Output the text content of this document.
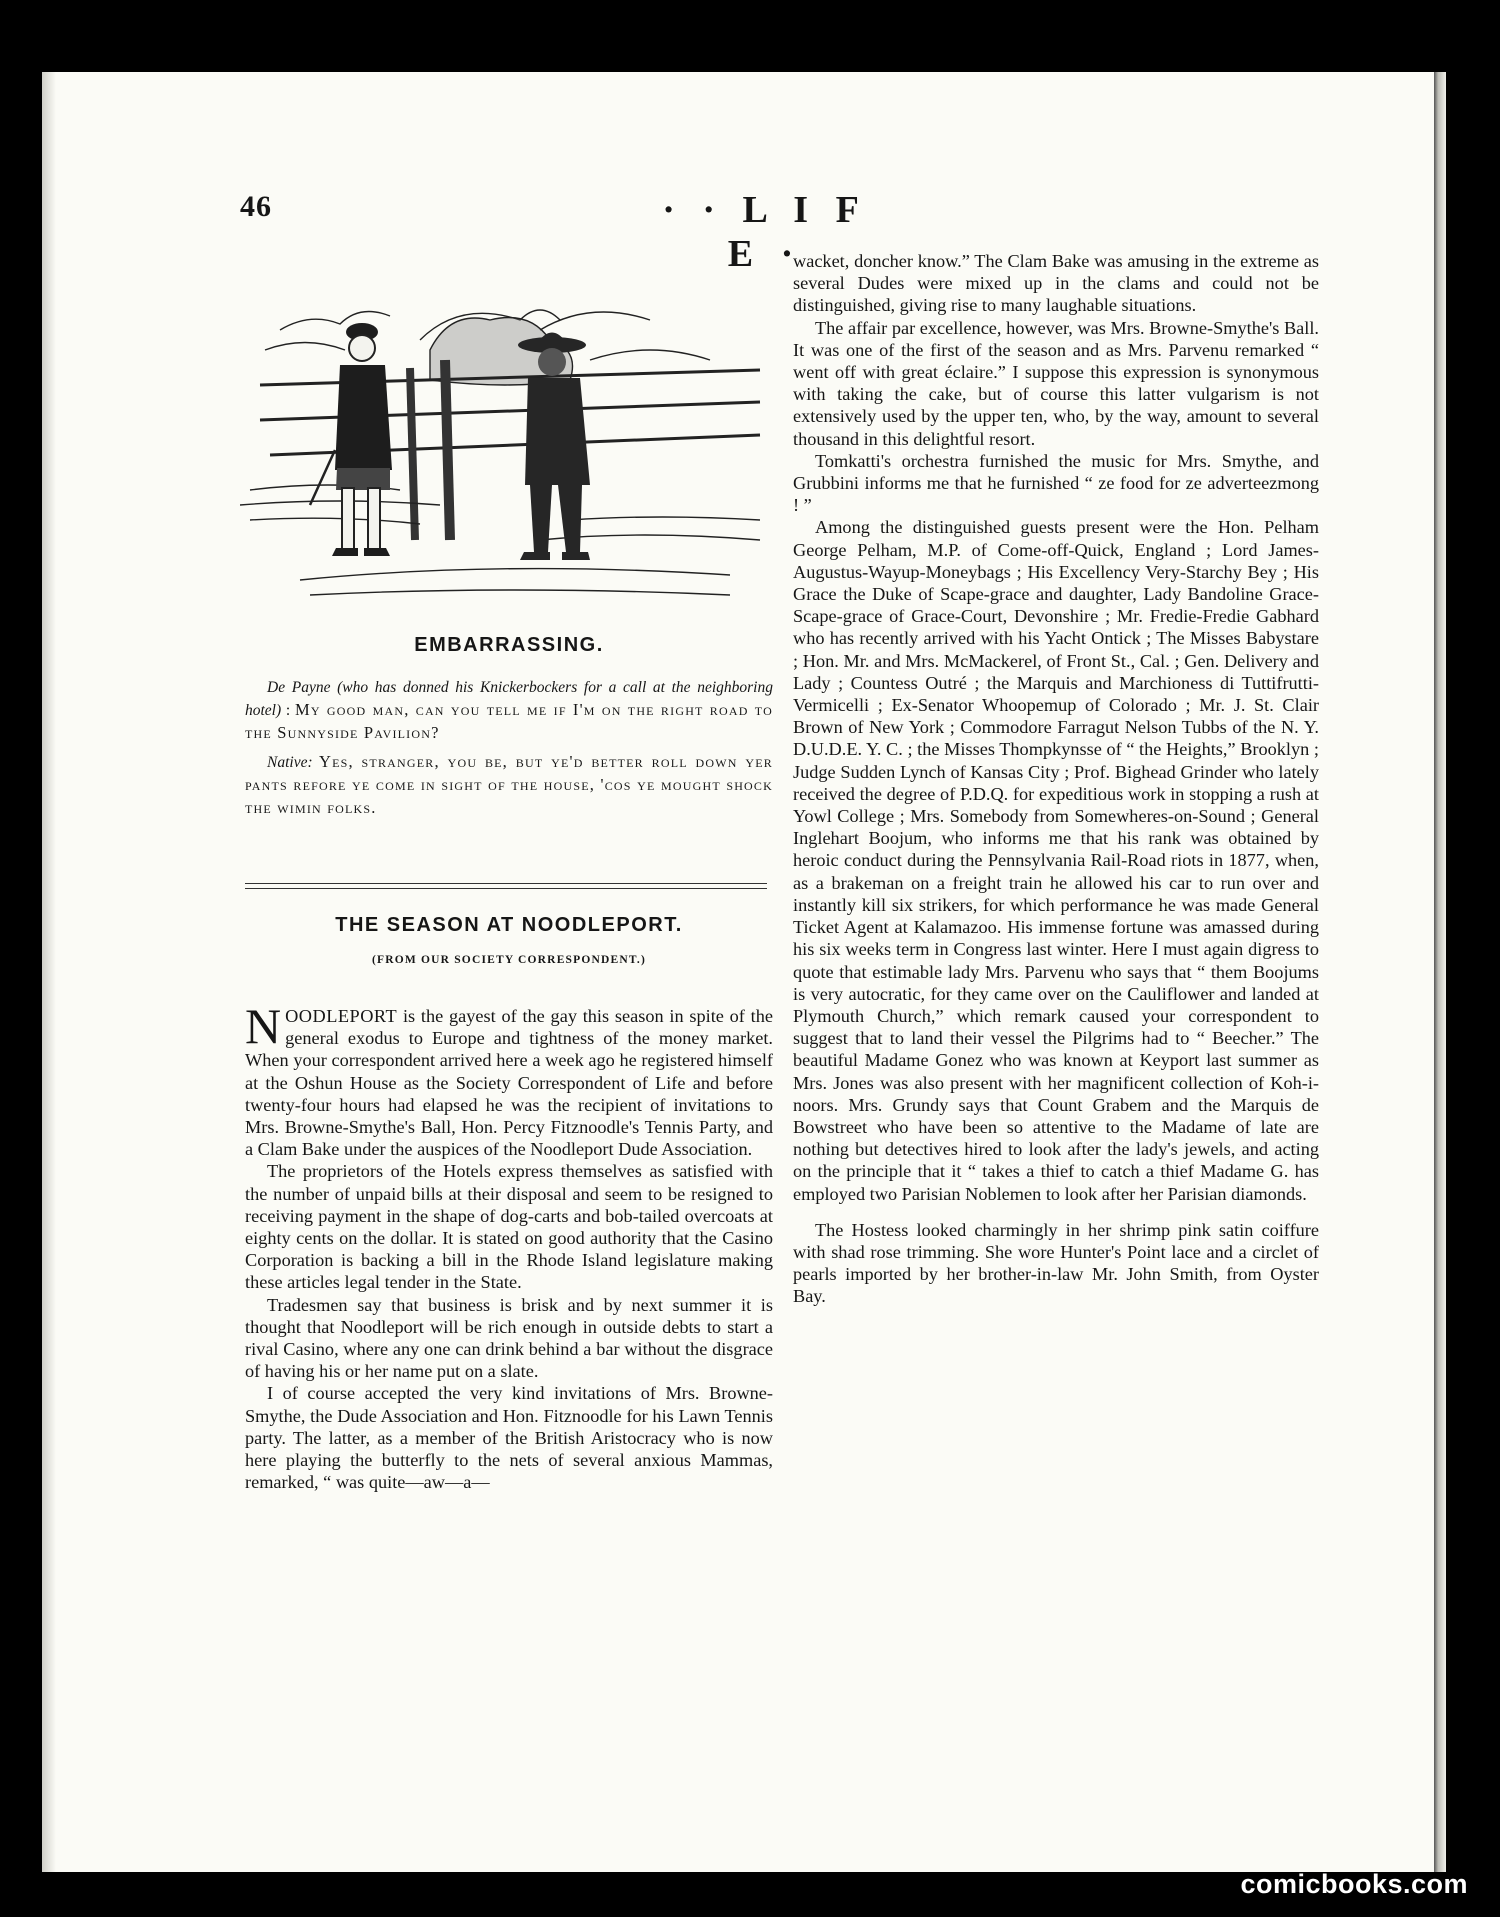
46	· · L I F E ·
EMBARRASSING.

De Payne (who has donned his Knickerbockers for a call at the neighboring hotel) : My good man, can you tell me if I'm on the right road to the Sunnyside Pavilion?

Native: Yes, stranger, you be, but ye'd better roll down yer pants refore ye come in sight of the house, 'cos ye mought shock the wimin folks.

THE SEASON AT NOODLEPORT.
(FROM OUR SOCIETY CORRESPONDENT.)

NOODLEPORT is the gayest of the gay this season in spite of the general exodus to Europe and tightness of the money market. When your correspondent arrived here a week ago he registered himself at the Oshun House as the Society Correspondent of Life and before twenty-four hours had elapsed he was the recipient of invitations to Mrs. Browne-Smythe's Ball, Hon. Percy Fitznoodle's Tennis Party, and a Clam Bake under the auspices of the Noodleport Dude Association.

The proprietors of the Hotels express themselves as satisfied with the number of unpaid bills at their disposal and seem to be resigned to receiving payment in the shape of dog-carts and bob-tailed overcoats at eighty cents on the dollar. It is stated on good authority that the Casino Corporation is backing a bill in the Rhode Island legislature making these articles legal tender in the State.

Tradesmen say that business is brisk and by next summer it is thought that Noodleport will be rich enough in outside debts to start a rival Casino, where any one can drink behind a bar without the disgrace of having his or her name put on a slate.

I of course accepted the very kind invitations of Mrs. Browne-Smythe, the Dude Association and Hon. Fitznoodle for his Lawn Tennis party. The latter, as a member of the British Aristocracy who is now here playing the butterfly to the nets of several anxious Mammas, remarked, “ was quite—aw—a—

wacket, doncher know.” The Clam Bake was amusing in the extreme as several Dudes were mixed up in the clams and could not be distinguished, giving rise to many laughable situations.

The affair par excellence, however, was Mrs. Browne-Smythe's Ball. It was one of the first of the season and as Mrs. Parvenu remarked “ went off with great éclaire.” I suppose this expression is synonymous with taking the cake, but of course this latter vulgarism is not extensively used by the upper ten, who, by the way, amount to several thousand in this delightful resort.

Tomkatti's orchestra furnished the music for Mrs. Smythe, and Grubbini informs me that he furnished “ ze food for ze adverteezmong ! ”

Among the distinguished guests present were the Hon. Pelham George Pelham, M.P. of Come-off-Quick, England ; Lord James-Augustus-Wayup-Moneybags ; His Excellency Very-Starchy Bey ; His Grace the Duke of Scape-grace and daughter, Lady Bandoline Grace-Scape-grace of Grace-Court, Devonshire ; Mr. Fredie-Fredie Gabhard who has recently arrived with his Yacht Ontick ; The Misses Babystare ; Hon. Mr. and Mrs. McMackerel, of Front St., Cal. ; Gen. Delivery and Lady ; Countess Outré ; the Marquis and Marchioness di Tuttifrutti-Vermicelli ; Ex-Senator Whoopemup of Colorado ; Mr. J. St. Clair Brown of New York ; Commodore Farragut Nelson Tubbs of the N. Y. D.U.D.E. Y. C. ; the Misses Thompkynsse of “ the Heights,” Brooklyn ; Judge Sudden Lynch of Kansas City ; Prof. Bighead Grinder who lately received the degree of P.D.Q. for expeditious work in stopping a rush at Yowl College ; Mrs. Somebody from Somewheres-on-Sound ; General Inglehart Boojum, who informs me that his rank was obtained by heroic conduct during the Pennsylvania Rail-Road riots in 1877, when, as a brakeman on a freight train he allowed his car to run over and instantly kill six strikers, for which performance he was made General Ticket Agent at Kalamazoo. His immense fortune was amassed during his six weeks term in Congress last winter. Here I must again digress to quote that estimable lady Mrs. Parvenu who says that “ them Boojums is very autocratic, for they came over on the Cauliflower and landed at Plymouth Church,” which remark caused your correspondent to suggest that to land their vessel the Pilgrims had to “ Beecher.” The beautiful Madame Gonez who was known at Keyport last summer as Mrs. Jones was also present with her magnificent collection of Koh-i-noors. Mrs. Grundy says that Count Grabem and the Marquis de Bowstreet who have been so attentive to the Madame of late are nothing but detectives hired to look after the lady's jewels, and acting on the principle that it “ takes a thief to catch a thief Madame G. has employed two Parisian Noblemen to look after her Parisian diamonds.

The Hostess looked charmingly in her shrimp pink satin coiffure with shad rose trimming. She wore Hunter's Point lace and a circlet of pearls imported by her brother-in-law Mr. John Smith, from Oyster Bay.

comicbooks.com
